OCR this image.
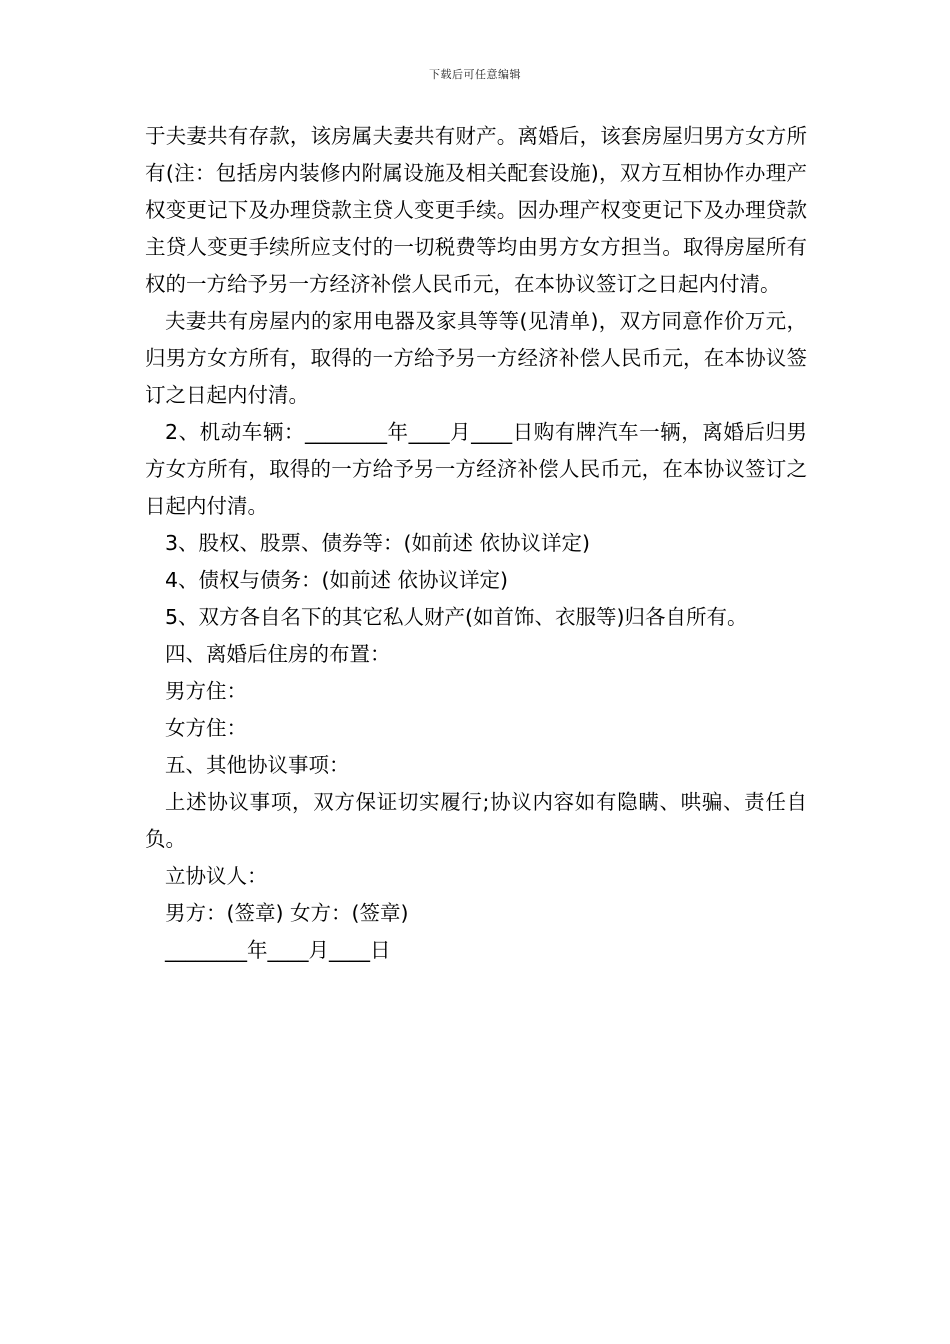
下载后可任意编辑

于夫妻共有存款，该房属夫妻共有财产。离婚后，该套房屋归男方女方所有(注：包括房内装修内附属设施及相关配套设施)，双方互相协作办理产权变更记下及办理贷款主贷人变更手续。因办理产权变更记下及办理贷款主贷人变更手续所应支付的一切税费等均由男方女方担当。取得房屋所有权的一方给予另一方经济补偿人民币元，在本协议签订之日起内付清。

夫妻共有房屋内的家用电器及家具等等(见清单)，双方同意作价万元，归男方女方所有，取得的一方给予另一方经济补偿人民币元，在本协议签订之日起内付清。

2、机动车辆：________年____月____日购有牌汽车一辆，离婚后归男方女方所有，取得的一方给予另一方经济补偿人民币元，在本协议签订之日起内付清。

3、股权、股票、债券等：(如前述 依协议详定)

4、债权与债务：(如前述 依协议详定)

5、双方各自名下的其它私人财产(如首饰、衣服等)归各自所有。

四、离婚后住房的布置：

男方住：

女方住：

五、其他协议事项：

上述协议事项，双方保证切实履行;协议内容如有隐瞒、哄骗、责任自负。

立协议人：

男方：(签章) 女方：(签章)

________年____月____日
